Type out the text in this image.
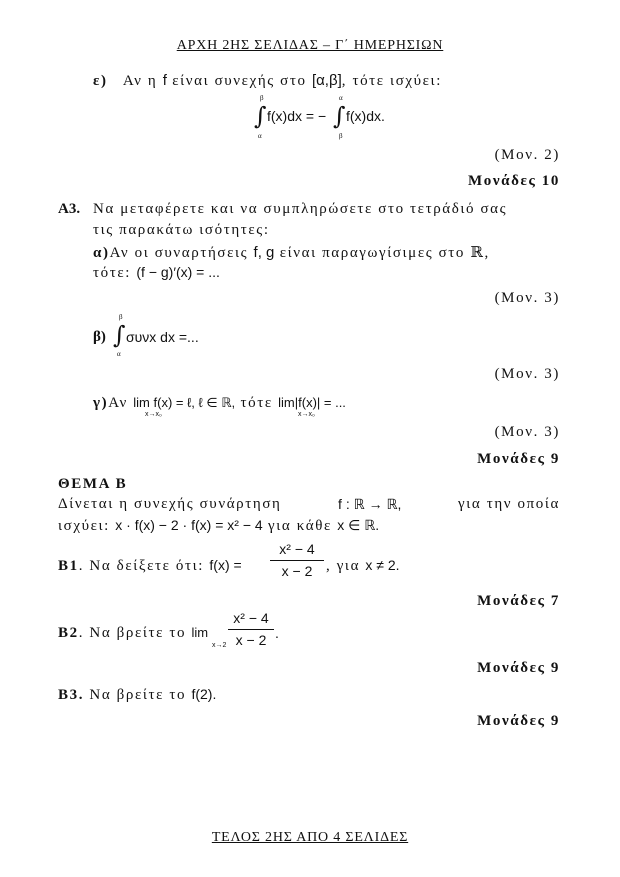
ΑΡΧΗ 2ΗΣ ΣΕΛΙΔΑΣ – Γ΄ ΗΜΕΡΗΣΙΩΝ
ε) Αν η f είναι συνεχής στο [α,β], τότε ισχύει:
∫
β
α
f(x)dx = − ∫
α
β
f(x)dx.
(Μον. 2)
Μονάδες 10
Α3. Να μεταφέρετε και να συμπληρώσετε στο τετράδιό σας
τις παρακάτω ισότητες:
α)Αν οι συναρτήσεις f, g είναι παραγωγίσιμες στο ℝ,
τότε: (f − g)′(x) = ...
(Μον. 3)
β) ∫
β
α
συνx dx =...
(Μον. 3)
γ)Αν lim f(x) = ℓ, ℓ ∈ ℝ, τότε lim|f(x)| = ...
x→x₀	x→x₀
(Μον. 3)
Μονάδες 9
ΘΕΜΑ Β
Δίνεται η συνεχής συνάρτηση	f : ℝ → ℝ,	για την οποία
ισχύει: x · f(x) − 2 · f(x) = x² − 4 για κάθε x ∈ ℝ.
Β1. Να δείξετε ότι: f(x) =
x² − 4
x − 2 , για x ≠ 2.
Μονάδες 7
Β2. Να βρείτε το lim
x→2
x² − 4
x − 2 .
Μονάδες 9
Β3. Να βρείτε το f(2).
Μονάδες 9
ΤΕΛΟΣ 2ΗΣ ΑΠΟ 4 ΣΕΛΙΔΕΣ
